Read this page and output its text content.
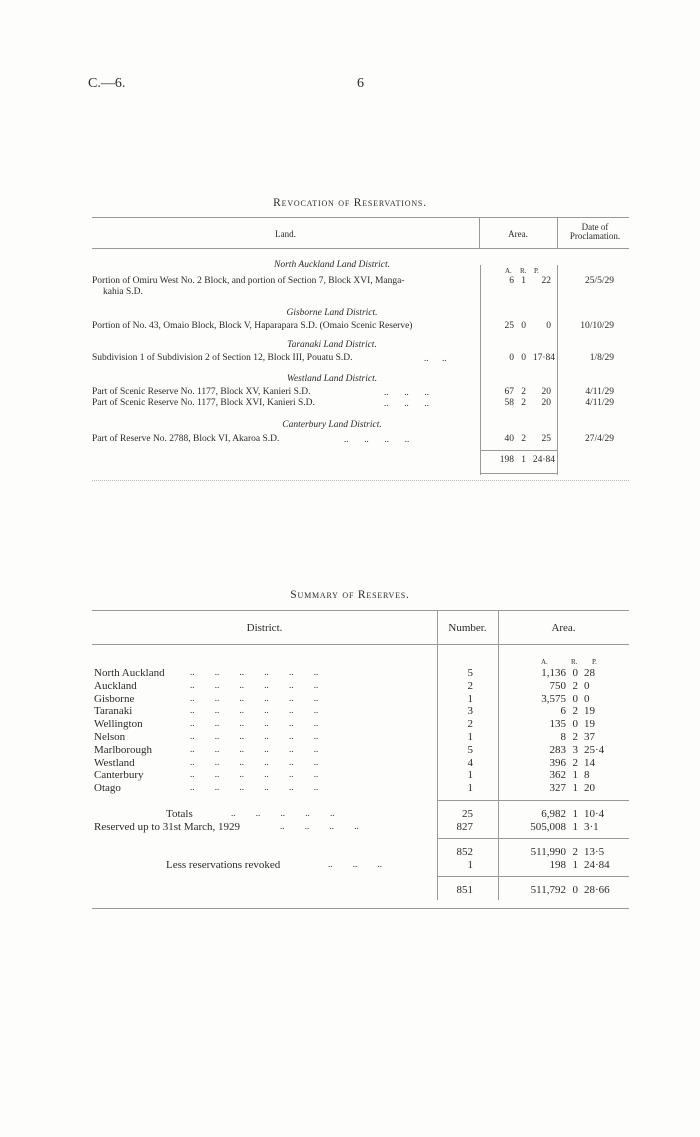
C.—6.	6
Revocation of Reservations.
Land.	Area.
Date of Proclamation.
North Auckland Land District.
A. R. P.
Portion of Omiru West No. 2 Block, and portion of Section 7, Block XVI, Manga-
kahia S.D.
6 1	22	25/5/29
Gisborne Land District.
Portion of No. 43, Omaio Block, Block V, Haparapara S.D. (Omaio Scenic Reserve)	25 0	0	10/10/29
Taranaki Land District.
Subdivision 1 of Subdivision 2 of Section 12, Block III, Pouatu S.D.	..      ..	0 0 17·84	1/8/29
Westland Land District.
Part of Scenic Reserve No. 1177, Block XV, Kanieri S.D.	..       ..       ..	67 2	20	4/11/29
Part of Scenic Reserve No. 1177, Block XVI, Kanieri S.D.	..       ..       ..	58 2	20	4/11/29
Canterbury Land District.
Part of Reserve No. 2788, Block VI, Akaroa S.D.	..       ..       ..       ..	40 2	25	27/4/29
198 1 24·84
Summary of Reserves.
District.	Number.	Area.
A.	R. P.
North Auckland	..         ..         ..         ..         ..         ..	5	1,136 0 28
Auckland	..         ..         ..         ..         ..         ..	2	750 2 0
Gisborne	..         ..         ..         ..         ..         ..	1	3,575 0 0
Taranaki	..         ..         ..         ..         ..         ..	3	6 2 19
Wellington	..         ..         ..         ..         ..         ..	2	135 0 19
Nelson	..         ..         ..         ..         ..         ..	1	8 2 37
Marlborough	..         ..         ..         ..         ..         ..	5	283 3 25·4
Westland	..         ..         ..         ..         ..         ..	4	396 2 14
Canterbury	..         ..         ..         ..         ..         ..	1	362 1 8
Otago	..         ..         ..         ..         ..         ..	1	327 1 20
Totals	..         ..         ..         ..         ..	25	6,982 1 10·4
Reserved up to 31st March, 1929	..         ..         ..         ..	827	505,008 1 3·1
852	511,990 2 13·5
Less reservations revoked	..         ..         ..	1	198 1 24·84
851	511,792 0 28·66
